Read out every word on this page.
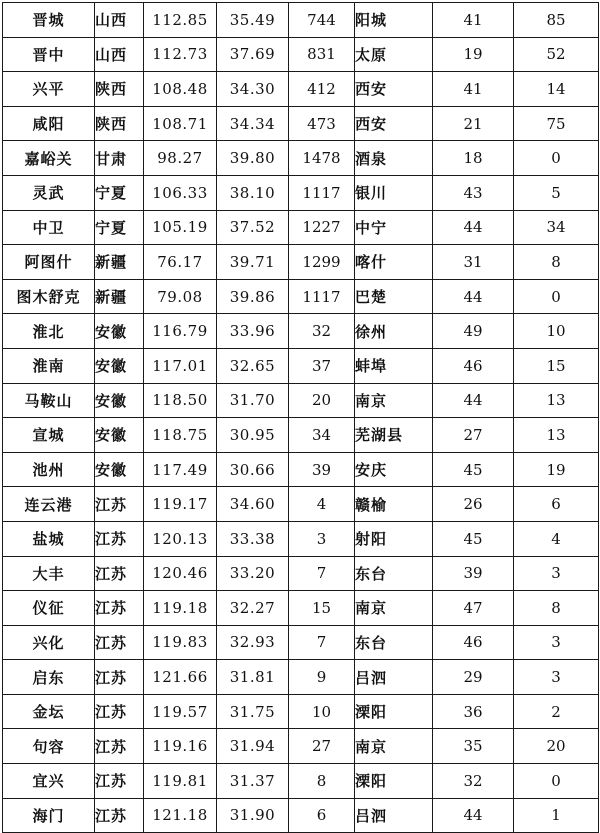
晋城	山西	112.85	35.49	744	阳城	41	85
晋中	山西	112.73	37.69	831	太原	19	52
兴平	陕西	108.48	34.30	412	西安	41	14
咸阳	陕西	108.71	34.34	473	西安	21	75
嘉峪关	甘肃	98.27	39.80	1478	酒泉	18	0
灵武	宁夏	106.33	38.10	1117	银川	43	5
中卫	宁夏	105.19	37.52	1227	中宁	44	34
阿图什	新疆	76.17	39.71	1299	喀什	31	8
图木舒克	新疆	79.08	39.86	1117	巴楚	44	0
淮北	安徽	116.79	33.96	32	徐州	49	10
淮南	安徽	117.01	32.65	37	蚌埠	46	15
马鞍山	安徽	118.50	31.70	20	南京	44	13
宣城	安徽	118.75	30.95	34	芜湖县	27	13
池州	安徽	117.49	30.66	39	安庆	45	19
连云港	江苏	119.17	34.60	4	赣榆	26	6
盐城	江苏	120.13	33.38	3	射阳	45	4
大丰	江苏	120.46	33.20	7	东台	39	3
仪征	江苏	119.18	32.27	15	南京	47	8
兴化	江苏	119.83	32.93	7	东台	46	3
启东	江苏	121.66	31.81	9	吕泗	29	3
金坛	江苏	119.57	31.75	10	溧阳	36	2
句容	江苏	119.16	31.94	27	南京	35	20
宜兴	江苏	119.81	31.37	8	溧阳	32	0
海门	江苏	121.18	31.90	6	吕泗	44	1
